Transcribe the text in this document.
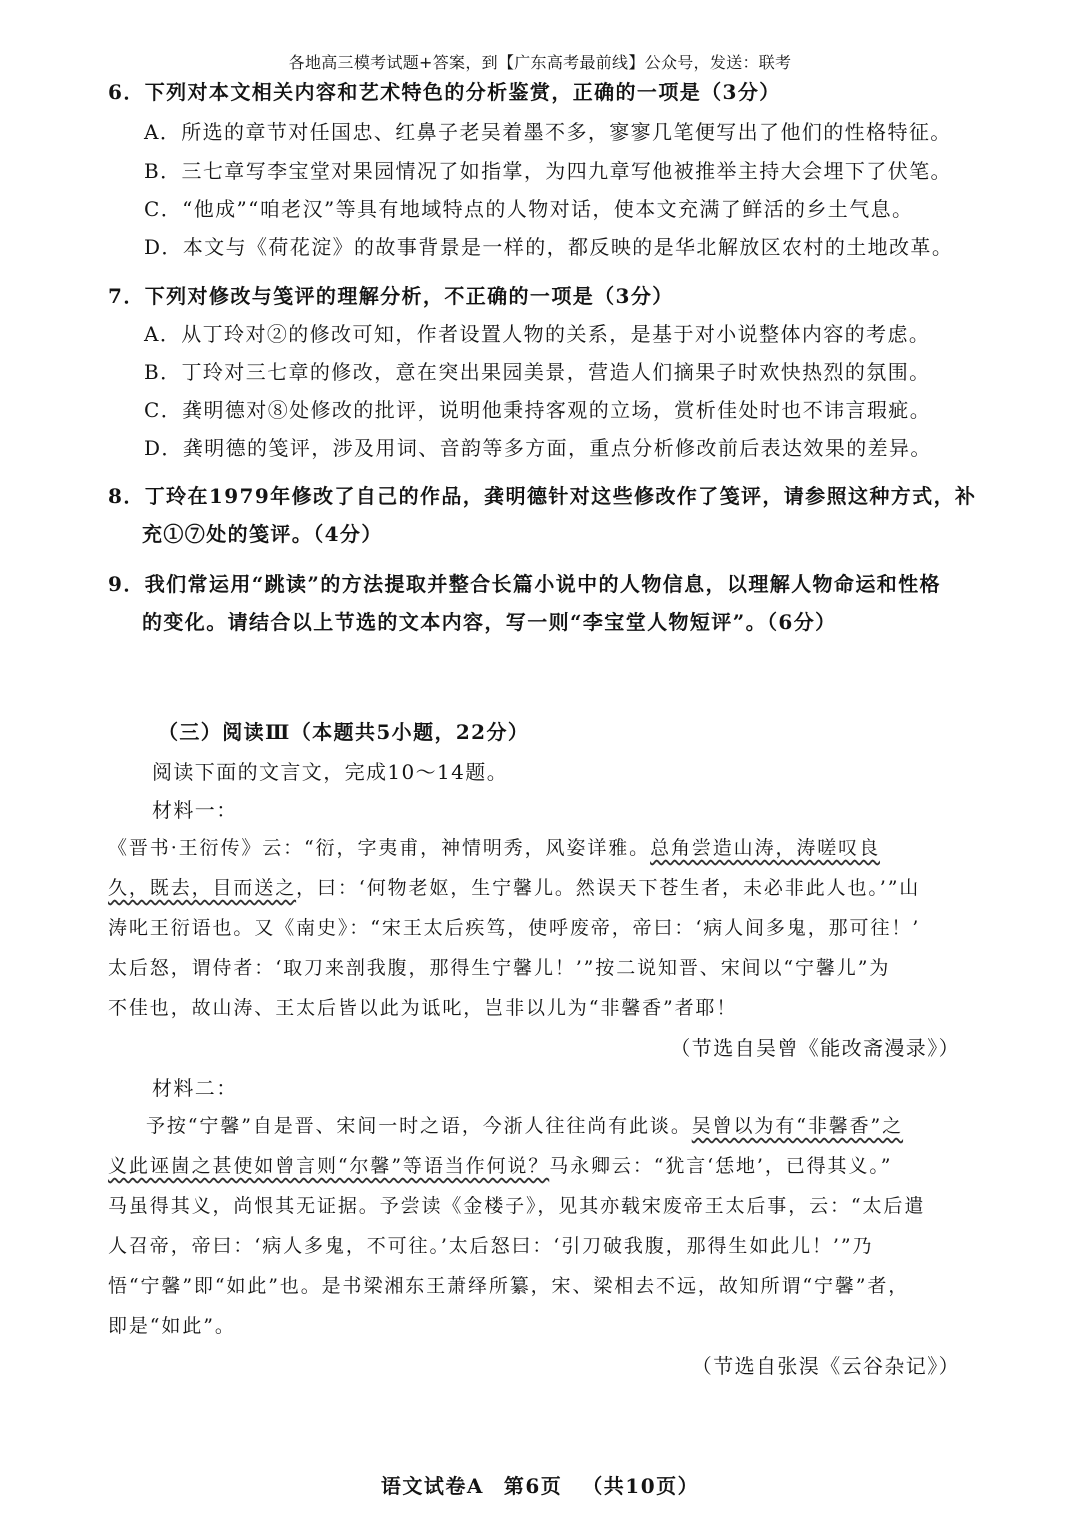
各地高三模考试题+答案，到【广东高考最前线】公众号，发送：联考
6．下列对本文相关内容和艺术特色的分析鉴赏，正确的一项是（3分）
A．所选的章节对任国忠、红鼻子老吴着墨不多，寥寥几笔便写出了他们的性格特征。
B．三七章写李宝堂对果园情况了如指掌，为四九章写他被推举主持大会埋下了伏笔。
C．“他成”“咱老汉”等具有地域特点的人物对话，使本文充满了鲜活的乡土气息。
D．本文与《荷花淀》的故事背景是一样的，都反映的是华北解放区农村的土地改革。
7．下列对修改与笺评的理解分析，不正确的一项是（3分）
A．从丁玲对②的修改可知，作者设置人物的关系，是基于对小说整体内容的考虑。
B．丁玲对三七章的修改，意在突出果园美景，营造人们摘果子时欢快热烈的氛围。
C．龚明德对⑧处修改的批评，说明他秉持客观的立场，赏析佳处时也不讳言瑕疵。
D．龚明德的笺评，涉及用词、音韵等多方面，重点分析修改前后表达效果的差异。
8．丁玲在1979年修改了自己的作品，龚明德针对这些修改作了笺评，请参照这种方式，补
充①⑦处的笺评。（4分）
9．我们常运用“跳读”的方法提取并整合长篇小说中的人物信息，以理解人物命运和性格
的变化。请结合以上节选的文本内容，写一则“李宝堂人物短评”。（6分）
（三）阅读Ⅲ（本题共5小题，22分）
阅读下面的文言文，完成10～14题。
材料一：
《晋书·王衍传》云：“衍，字夷甫，神情明秀，风姿详雅。总角尝造山涛，涛嗟叹良
久，既去，目而送之，曰：‘何物老妪，生宁馨儿。然误天下苍生者，未必非此人也。’”山
涛叱王衍语也。又《南史》：“宋王太后疾笃，使呼废帝，帝曰：‘病人间多鬼，那可往！’
太后怒，谓侍者：‘取刀来剖我腹，那得生宁馨儿！’”按二说知晋、宋间以“宁馨儿”为
不佳也，故山涛、王太后皆以此为诋叱，岂非以儿为“非馨香”者耶！
（节选自吴曾《能改斋漫录》）
材料二：
予按“宁馨”自是晋、宋间一时之语，今浙人往往尚有此谈。吴曾以为有“非馨香”之
义此诬崮之甚使如曾言则“尔馨”等语当作何说？马永卿云：“犹言‘恁地’，已得其义。”
马虽得其义，尚恨其无证据。予尝读《金楼子》，见其亦载宋废帝王太后事，云：“太后遣
人召帝，帝曰：‘病人多鬼，不可往。’太后怒曰：‘引刀破我腹，那得生如此儿！’”乃
悟“宁馨”即“如此”也。是书梁湘东王萧绎所纂，宋、梁相去不远，故知所谓“宁馨”者，
即是“如此”。
（节选自张淏《云谷杂记》）
语文试卷A 第6页 （共10页）
